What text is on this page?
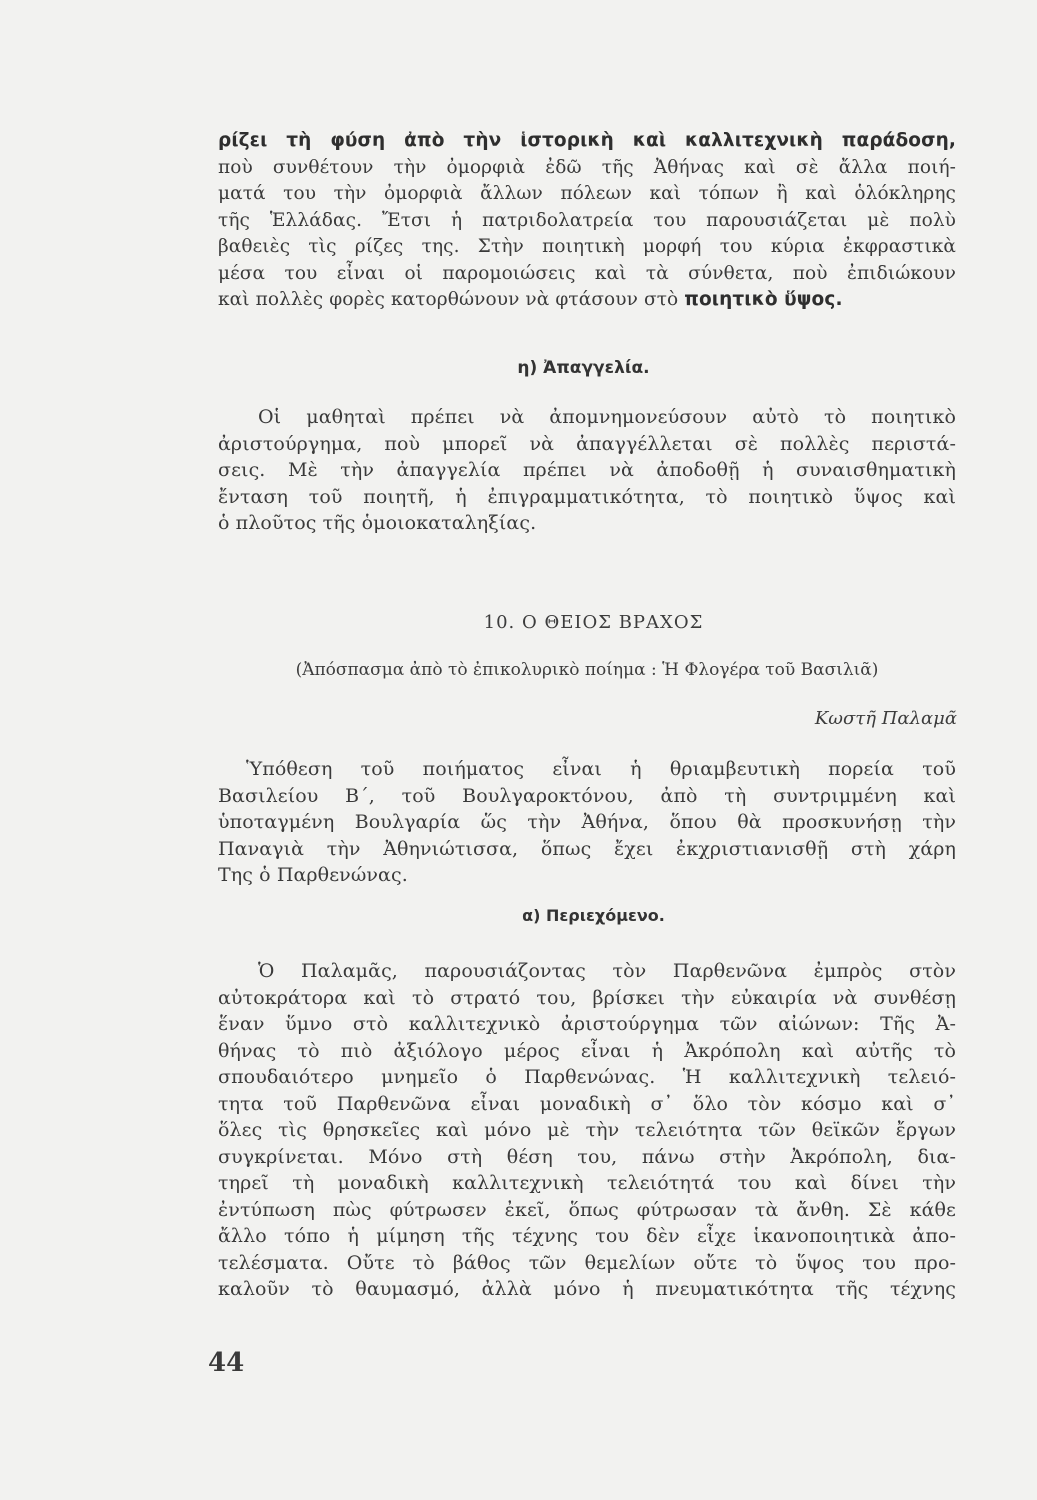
ρίζει τὴ φύση ἀπὸ τὴν ἱστορικὴ καὶ καλλιτεχνικὴ παράδοση,
ποὺ συνθέτουν τὴν ὀμορφιὰ ἐδῶ τῆς Ἀθήνας καὶ σὲ ἄλλα ποιή-
ματά του τὴν ὀμορφιὰ ἄλλων πόλεων καὶ τόπων ἢ καὶ ὁλόκληρης
τῆς Ἑλλάδας. Ἔτσι ἡ πατριδολατρεία του παρουσιάζεται μὲ πολὺ
βαθειὲς τὶς ρίζες της. Στὴν ποιητικὴ μορφή του κύρια ἐκφραστικὰ
μέσα του εἶναι οἱ παρομοιώσεις καὶ τὰ σύνθετα, ποὺ ἐπιδιώκουν
καὶ πολλὲς φορὲς κατορθώνουν νὰ φτάσουν στὸ ποιητικὸ ὕψος.
η) Ἀπαγγελία.
Οἱ μαθηταὶ πρέπει νὰ ἀπομνημονεύσουν αὐτὸ τὸ ποιητικὸ
ἀριστούργημα, ποὺ μπορεῖ νὰ ἀπαγγέλλεται σὲ πολλὲς περιστά-
σεις. Μὲ τὴν ἀπαγγελία πρέπει νὰ ἀποδοθῇ ἡ συναισθηματικὴ
ἔνταση τοῦ ποιητῆ, ἡ ἐπιγραμματικότητα, τὸ ποιητικὸ ὕψος καὶ
ὁ πλοῦτος τῆς ὁμοιοκαταληξίας.
10. Ο ΘΕΙΟΣ ΒΡΑΧΟΣ
(Ἀπόσπασμα ἀπὸ τὸ ἐπικολυρικὸ ποίημα : Ἡ Φλογέρα τοῦ Βασιλιᾶ)
Κωστῆ Παλαμᾶ
Ὑπόθεση τοῦ ποιήματος εἶναι ἡ θριαμβευτικὴ πορεία τοῦ
Βασιλείου Β΄, τοῦ Βουλγαροκτόνου, ἀπὸ τὴ συντριμμένη καὶ
ὑποταγμένη Βουλγαρία ὥς τὴν Ἀθήνα, ὅπου θὰ προσκυνήσῃ τὴν
Παναγιὰ τὴν Ἀθηνιώτισσα, ὅπως ἔχει ἐκχριστιανισθῇ στὴ χάρη
Της ὁ Παρθενώνας.
α) Περιεχόμενο.
Ὁ Παλαμᾶς, παρουσιάζοντας τὸν Παρθενῶνα ἐμπρὸς στὸν
αὐτοκράτορα καὶ τὸ στρατό του, βρίσκει τὴν εὐκαιρία νὰ συνθέσῃ
ἕναν ὕμνο στὸ καλλιτεχνικὸ ἀριστούργημα τῶν αἰώνων: Τῆς Ἀ-
θήνας τὸ πιὸ ἀξιόλογο μέρος εἶναι ἡ Ἀκρόπολη καὶ αὐτῆς τὸ
σπουδαιότερο μνημεῖο ὁ Παρθενώνας. Ἡ καλλιτεχνικὴ τελειό-
τητα τοῦ Παρθενῶνα εἶναι μοναδικὴ σ᾿ ὅλο τὸν κόσμο καὶ σ᾿
ὅλες τὶς θρησκεῖες καὶ μόνο μὲ τὴν τελειότητα τῶν θεϊκῶν ἔργων
συγκρίνεται. Μόνο στὴ θέση του, πάνω στὴν Ἀκρόπολη, δια-
τηρεῖ τὴ μοναδικὴ καλλιτεχνικὴ τελειότητά του καὶ δίνει τὴν
ἐντύπωση πὼς φύτρωσεν ἐκεῖ, ὅπως φύτρωσαν τὰ ἄνθη. Σὲ κάθε
ἄλλο τόπο ἡ μίμηση τῆς τέχνης του δὲν εἶχε ἱκανοποιητικὰ ἀπο-
τελέσματα. Οὔτε τὸ βάθος τῶν θεμελίων οὔτε τὸ ὕψος του προ-
καλοῦν τὸ θαυμασμό, ἀλλὰ μόνο ἡ πνευματικότητα τῆς τέχνης
44
